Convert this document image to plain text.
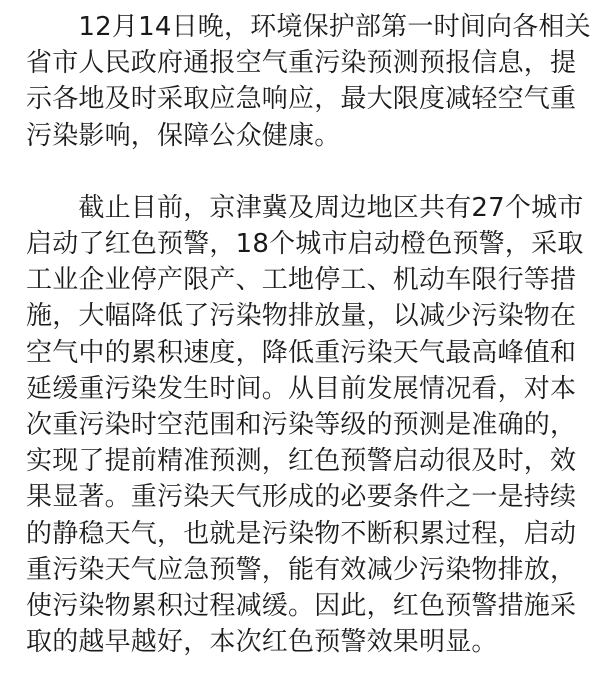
　　12月14日晚，环境保护部第一时间向各相关
省市人民政府通报空气重污染预测预报信息，提
示各地及时采取应急响应，最大限度减轻空气重
污染影响，保障公众健康。

　　截止目前，京津冀及周边地区共有27个城市
启动了红色预警，18个城市启动橙色预警，采取
工业企业停产限产、工地停工、机动车限行等措
施，大幅降低了污染物排放量，以减少污染物在
空气中的累积速度，降低重污染天气最高峰值和
延缓重污染发生时间。从目前发展情况看，对本
次重污染时空范围和污染等级的预测是准确的，
实现了提前精准预测，红色预警启动很及时，效
果显著。重污染天气形成的必要条件之一是持续
的静稳天气，也就是污染物不断积累过程，启动
重污染天气应急预警，能有效减少污染物排放，
使污染物累积过程减缓。因此，红色预警措施采
取的越早越好，本次红色预警效果明显。
